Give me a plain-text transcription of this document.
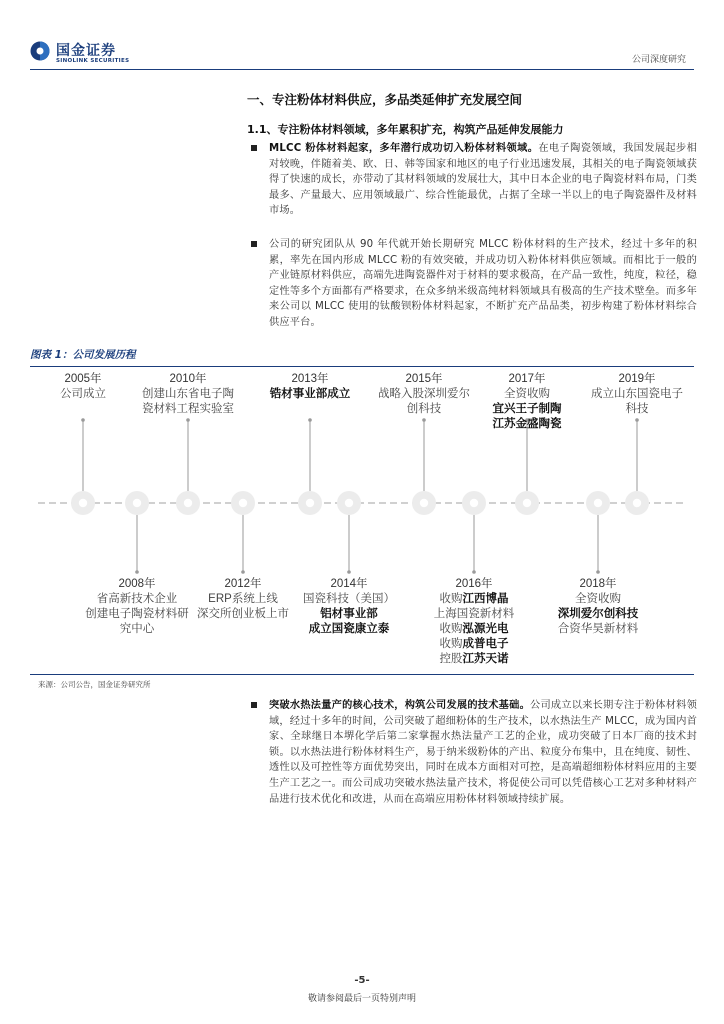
国金证券
SINOLINK SECURITIES	公司深度研究
一、专注粉体材料供应，多品类延伸扩充发展空间
1.1、专注粉体材料领域，多年累积扩充，构筑产品延伸发展能力
MLCC 粉体材料起家，多年潜行成功切入粉体材料领域。在电子陶瓷领域，我国发展起步相对较晚，伴随着美、欧、日、韩等国家和地区的电子行业迅速发展，其相关的电子陶瓷领域获得了快速的成长，亦带动了其材料领域的发展壮大，其中日本企业的电子陶瓷材料布局，门类最多、产量最大、应用领域最广、综合性能最优，占据了全球一半以上的电子陶瓷器件及材料市场。
公司的研究团队从 90 年代就开始长期研究 MLCC 粉体材料的生产技术，经过十多年的积累，率先在国内形成 MLCC 粉的有效突破，并成功切入粉体材料供应领域。而相比于一般的产业链原材料供应，高端先进陶瓷器件对于材料的要求极高，在产品一致性，纯度，粒径，稳定性等多个方面都有严格要求，在众多纳米级高纯材料领域具有极高的生产技术壁垒。而多年来公司以 MLCC 使用的钛酸钡粉体材料起家，不断扩充产品品类，初步构建了粉体材料综合供应平台。
图表 1：公司发展历程
2005年
公司成立
2010年
创建山东省电子陶
瓷材料工程实验室
2013年
锆材事业部成立
2015年
战略入股深圳爱尔
创科技
2017年
全资收购
宜兴王子制陶
江苏金盛陶瓷
2019年
成立山东国瓷电子
科技
2008年
省高新技术企业
创建电子陶瓷材料研
究中心
2012年
ERP系统上线
深交所创业板上市
2014年
国瓷科技（美国）
铝材事业部
成立国瓷康立泰
2016年
收购江西博晶
上海国瓷新材料
收购泓源光电
收购成普电子
控股江苏天诺
2018年
全资收购
深圳爱尔创科技
合资华昊新材料
来源：公司公告，国金证券研究所
突破水热法量产的核心技术，构筑公司发展的技术基础。公司成立以来长期专注于粉体材料领域，经过十多年的时间，公司突破了超细粉体的生产技术，以水热法生产 MLCC，成为国内首家、全球继日本堺化学后第二家掌握水热法量产工艺的企业，成功突破了日本厂商的技术封锁。以水热法进行粉体材料生产，易于纳米级粉体的产出、粒度分布集中，且在纯度、韧性、透性以及可控性等方面优势突出，同时在成本方面相对可控，是高端超细粉体材料应用的主要生产工艺之一。而公司成功突破水热法量产技术，将促使公司可以凭借核心工艺对多种材料产品进行技术优化和改进，从而在高端应用粉体材料领域持续扩展。
-5-
敬请参阅最后一页特别声明
